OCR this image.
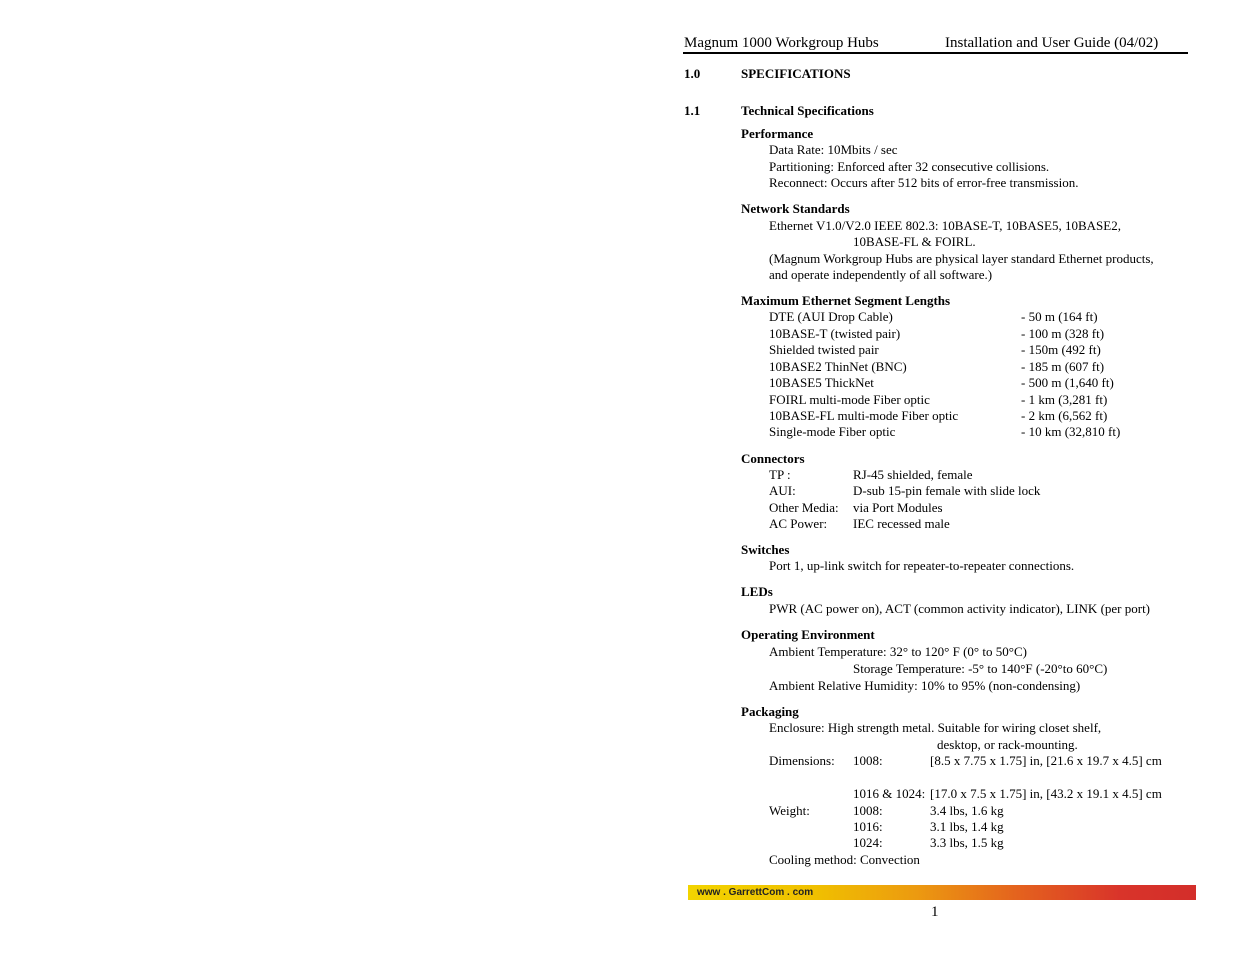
Magnum 1000 Workgroup Hubs	Installation and User Guide (04/02)
1.0	SPECIFICATIONS
1.1	Technical Specifications
Performance
Data Rate: 10Mbits / sec
Partitioning: Enforced after 32 consecutive collisions.
Reconnect: Occurs after 512 bits of error-free transmission.
Network Standards
Ethernet V1.0/V2.0 IEEE 802.3: 10BASE-T, 10BASE5, 10BASE2,
10BASE-FL & FOIRL.
(Magnum Workgroup Hubs are physical layer standard Ethernet products,
and operate independently of all software.)
Maximum Ethernet Segment Lengths
DTE (AUI Drop Cable)	- 50 m (164 ft)
10BASE-T (twisted pair)	- 100 m (328 ft)
Shielded twisted pair	- 150m (492 ft)
10BASE2 ThinNet (BNC)	- 185 m (607 ft)
10BASE5 ThickNet	- 500 m (1,640 ft)
FOIRL multi-mode Fiber optic	- 1 km (3,281 ft)
10BASE-FL multi-mode Fiber optic	- 2 km (6,562 ft)
Single-mode Fiber optic	- 10 km (32,810 ft)
Connectors
TP :	RJ-45 shielded, female
AUI:	D-sub 15-pin female with slide lock
Other Media: via Port Modules
AC Power: IEC recessed male
Switches
Port 1, up-link switch for repeater-to-repeater connections.
LEDs
PWR (AC power on), ACT (common activity indicator), LINK (per port)
Operating Environment
Ambient Temperature: 32° to 120° F (0° to 50°C)
Storage Temperature: -5° to 140°F (-20°to 60°C)
Ambient Relative Humidity: 10% to 95% (non-condensing)
Packaging
Enclosure: High strength metal. Suitable for wiring closet shelf,
desktop, or rack-mounting.
Dimensions: 1008:	[8.5 x 7.75 x 1.75] in, [21.6 x 19.7 x 4.5] cm
1016 & 1024: [17.0 x 7.5 x 1.75] in, [43.2 x 19.1 x 4.5] cm
Weight:	1008:	3.4 lbs, 1.6 kg
1016:	3.1 lbs, 1.4 kg
1024:	3.3 lbs, 1.5 kg
Cooling method: Convection
www . GarrettCom . com
1
